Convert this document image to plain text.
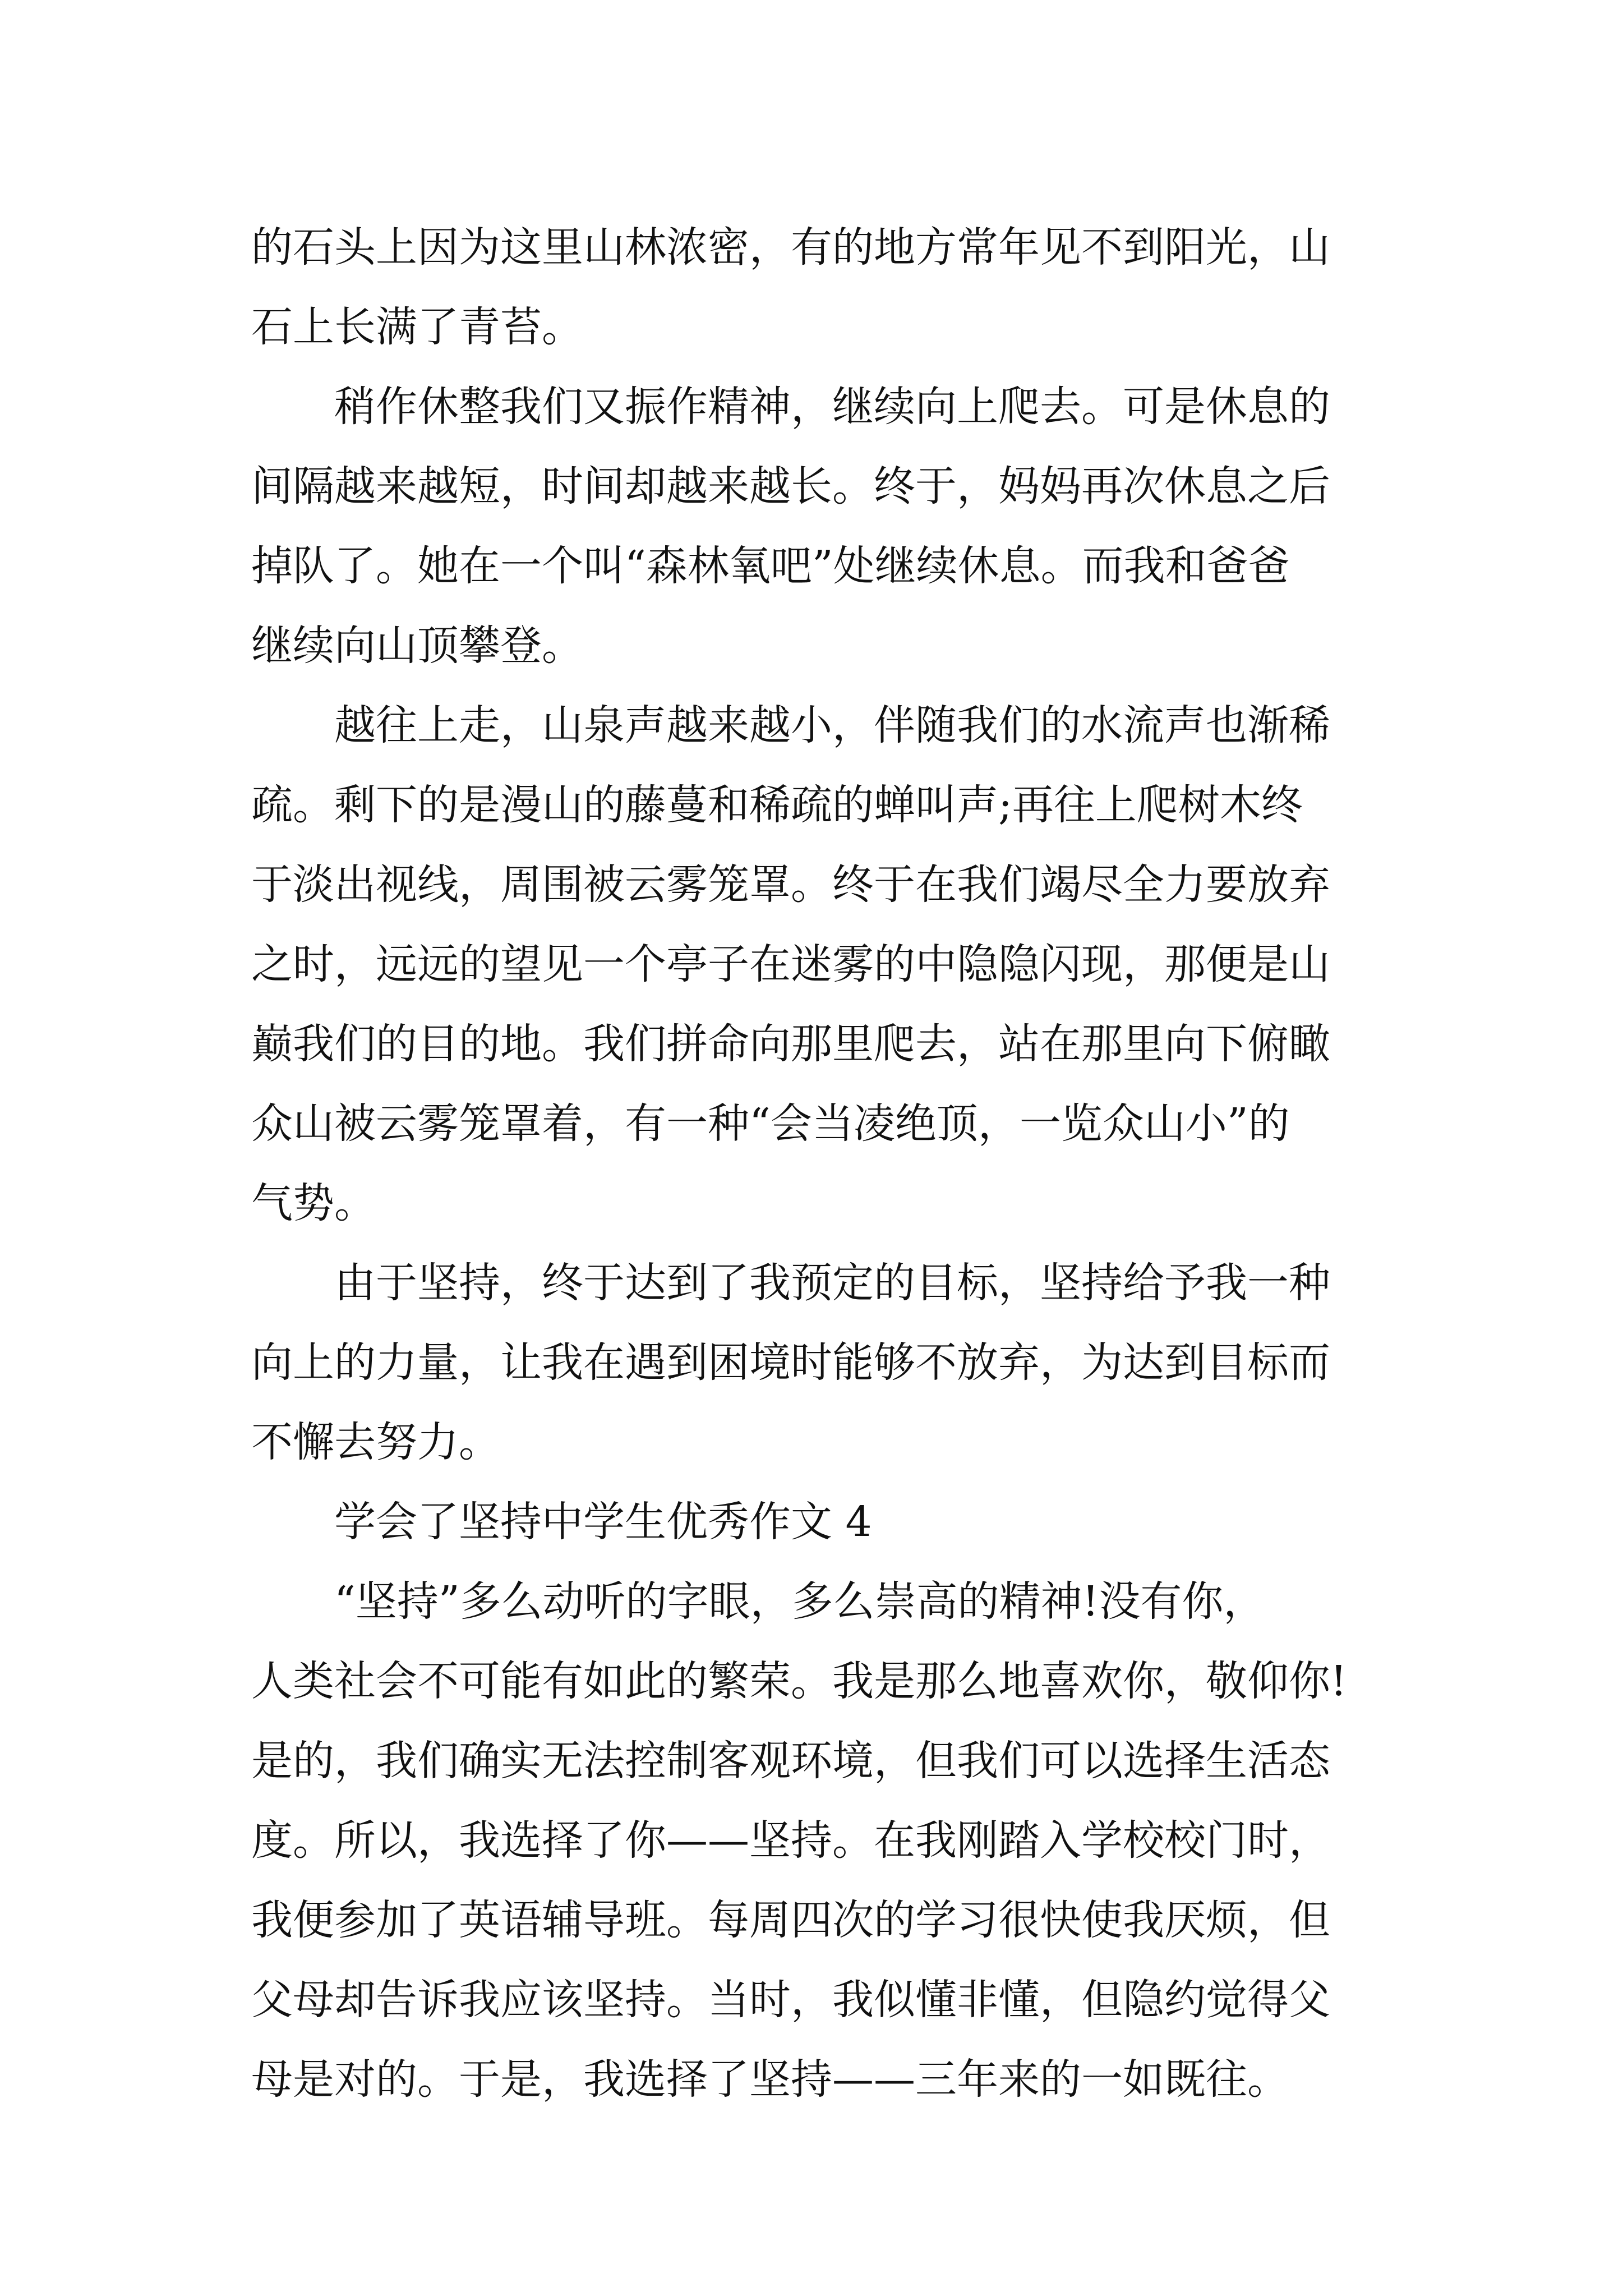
的石头上因为这里山林浓密，有的地方常年见不到阳光，山
石上长满了青苔。
稍作休整我们又振作精神，继续向上爬去。可是休息的
间隔越来越短，时间却越来越长。终于，妈妈再次休息之后
掉队了。她在一个叫“森林氧吧”处继续休息。而我和爸爸
继续向山顶攀登。
越往上走，山泉声越来越小，伴随我们的水流声也渐稀
疏。剩下的是漫山的藤蔓和稀疏的蝉叫声;再往上爬树木终
于淡出视线，周围被云雾笼罩。终于在我们竭尽全力要放弃
之时，远远的望见一个亭子在迷雾的中隐隐闪现，那便是山
巅我们的目的地。我们拼命向那里爬去，站在那里向下俯瞰
众山被云雾笼罩着，有一种“会当凌绝顶，一览众山小”的
气势。
由于坚持，终于达到了我预定的目标，坚持给予我一种
向上的力量，让我在遇到困境时能够不放弃，为达到目标而
不懈去努力。
学会了坚持中学生优秀作文 4
“坚持”多么动听的字眼，多么崇高的精神!没有你，
人类社会不可能有如此的繁荣。我是那么地喜欢你，敬仰你!
是的，我们确实无法控制客观环境，但我们可以选择生活态
度。所以，我选择了你——坚持。在我刚踏入学校校门时，
我便参加了英语辅导班。每周四次的学习很快使我厌烦，但
父母却告诉我应该坚持。当时，我似懂非懂，但隐约觉得父
母是对的。于是，我选择了坚持——三年来的一如既往。
